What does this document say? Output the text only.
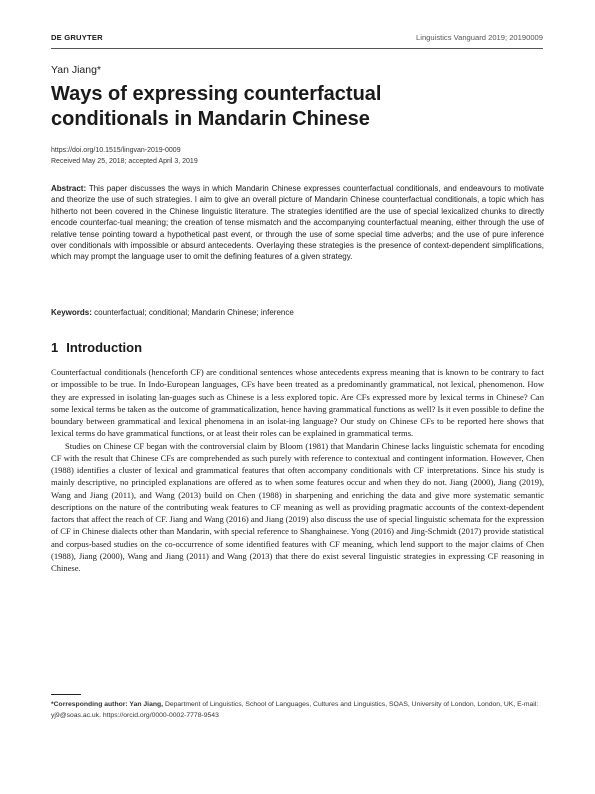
DE GRUYTER	Linguistics Vanguard 2019; 20190009
Yan Jiang*
Ways of expressing counterfactual conditionals in Mandarin Chinese
https://doi.org/10.1515/lingvan-2019-0009
Received May 25, 2018; accepted April 3, 2019

Abstract: This paper discusses the ways in which Mandarin Chinese expresses counterfactual conditionals, and endeavours to motivate and theorize the use of such strategies. I aim to give an overall picture of Mandarin Chinese counterfactual conditionals, a topic which has hitherto not been covered in the Chinese linguistic literature. The strategies identified are the use of special lexicalized chunks to directly encode counterfac-tual meaning; the creation of tense mismatch and the accompanying counterfactual meaning, either through the use of relative tense pointing toward a hypothetical past event, or through the use of some special time adverbs; and the use of pure inference over conditionals with impossible or absurd antecedents. Overlaying these strategies is the presence of context-dependent simplifications, which may prompt the language user to omit the defining features of a given strategy.

Keywords: counterfactual; conditional; Mandarin Chinese; inference

1 Introduction

Counterfactual conditionals (henceforth CF) are conditional sentences whose antecedents express meaning that is known to be contrary to fact or impossible to be true. In Indo-European languages, CFs have been treated as a predominantly grammatical, not lexical, phenomenon. How they are expressed in isolating lan-guages such as Chinese is a less explored topic. Are CFs expressed more by lexical terms in Chinese? Can some lexical terms be taken as the outcome of grammaticalization, hence having grammatical functions as well? Is it even possible to define the boundary between grammatical and lexical phenomena in an isolat-ing language? Our study on Chinese CFs to be reported here shows that lexical terms do have grammatical functions, or at least their roles can be explained in grammatical terms.

Studies on Chinese CF began with the controversial claim by Bloom (1981) that Mandarin Chinese lacks linguistic schemata for encoding CF with the result that Chinese CFs are comprehended as such purely with reference to contextual and contingent information. However, Chen (1988) identifies a cluster of lexical and grammatical features that often accompany conditionals with CF interpretations. Since his study is mainly descriptive, no principled explanations are offered as to when some features occur and when they do not. Jiang (2000), Jiang (2019), Wang and Jiang (2011), and Wang (2013) build on Chen (1988) in sharpening and enriching the data and give more systematic semantic descriptions on the nature of the contributing weak features to CF meaning as well as providing pragmatic accounts of the context-dependent factors that affect the reach of CF. Jiang and Wang (2016) and Jiang (2019) also discuss the use of special linguistic schemata for the expression of CF in Chinese dialects other than Mandarin, with special reference to Shanghainese. Yong (2016) and Jing-Schmidt (2017) provide statistical and corpus-based studies on the co-occurrence of some identified features with CF meaning, which lend support to the major claims of Chen (1988), Jiang (2000), Wang and Jiang (2011) and Wang (2013) that there do exist several linguistic strategies in expressing CF reasoning in Chinese.

*Corresponding author: Yan Jiang, Department of Linguistics, School of Languages, Cultures and Linguistics, SOAS, University of London, London, UK, E-mail: yj9@soas.ac.uk. https://orcid.org/0000-0002-7778-9543
